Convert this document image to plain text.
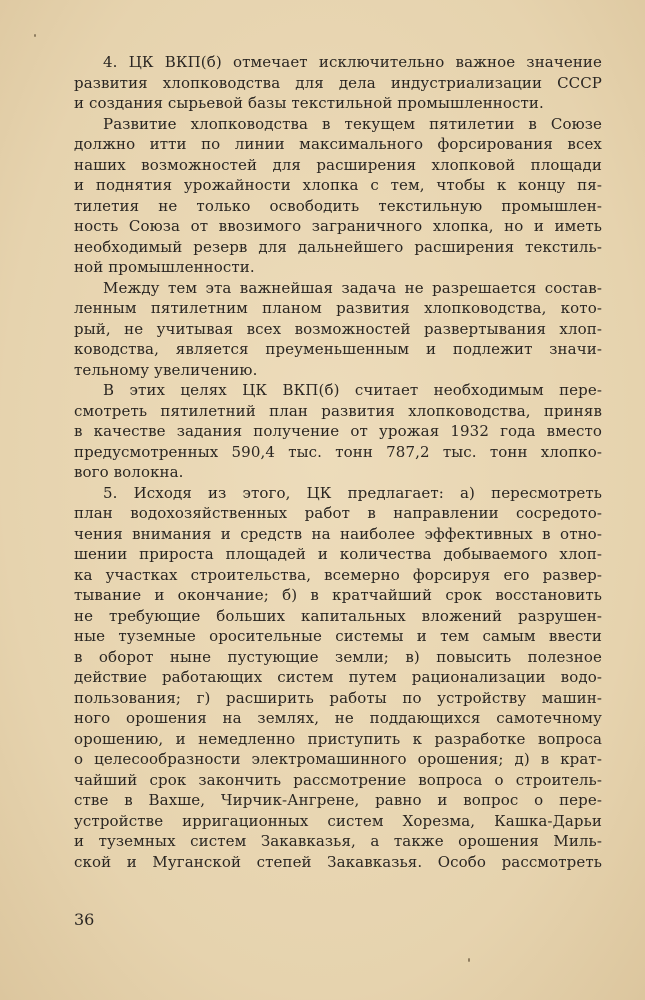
4. ЦК ВКП(б) отмечает исключительно важное значение
развития хлопководства для дела индустриализации СССР
и создания сырьевой базы текстильной промышленности.
Развитие хлопководства в текущем пятилетии в Союзе
должно итти по линии максимального форсирования всех
наших возможностей для расширения хлопковой площади
и поднятия урожайности хлопка с тем, чтобы к концу пя-
тилетия не только освободить текстильную промышлен-
ность Союза от ввозимого заграничного хлопка, но и иметь
необходимый резерв для дальнейшего расширения текстиль-
ной промышленности.
Между тем эта важнейшая задача не разрешается состав-
ленным пятилетним планом развития хлопководства, кото-
рый, не учитывая всех возможностей развертывания хлоп-
ководства, является преуменьшенным и подлежит значи-
тельному увеличению.
В этих целях ЦК ВКП(б) считает необходимым пере-
смотреть пятилетний план развития хлопководства, приняв
в качестве задания получение от урожая 1932 года вместо
предусмотренных 590,4 тыс. тонн 787,2 тыс. тонн хлопко-
вого волокна.
5. Исходя из этого, ЦК предлагает: а) пересмотреть
план водохозяйственных работ в направлении сосредото-
чения внимания и средств на наиболее эффективных в отно-
шении прироста площадей и количества добываемого хлоп-
ка участках строительства, всемерно форсируя его развер-
тывание и окончание; б) в кратчайший срок восстановить
не требующие больших капитальных вложений разрушен-
ные туземные оросительные системы и тем самым ввести
в оборот ныне пустующие земли; в) повысить полезное
действие работающих систем путем рационализации водо-
пользования; г) расширить работы по устройству машин-
ного орошения на землях, не поддающихся самотечному
орошению, и немедленно приступить к разработке вопроса
о целесообразности электромашинного орошения; д) в крат-
чайший срок закончить рассмотрение вопроса о строитель-
стве в Вахше, Чирчик-Ангрене, равно и вопрос о пере-
устройстве ирригационных систем Хорезма, Кашка-Дарьи
и туземных систем Закавказья, а также орошения Миль-
ской и Муганской степей Закавказья. Особо рассмотреть
36
